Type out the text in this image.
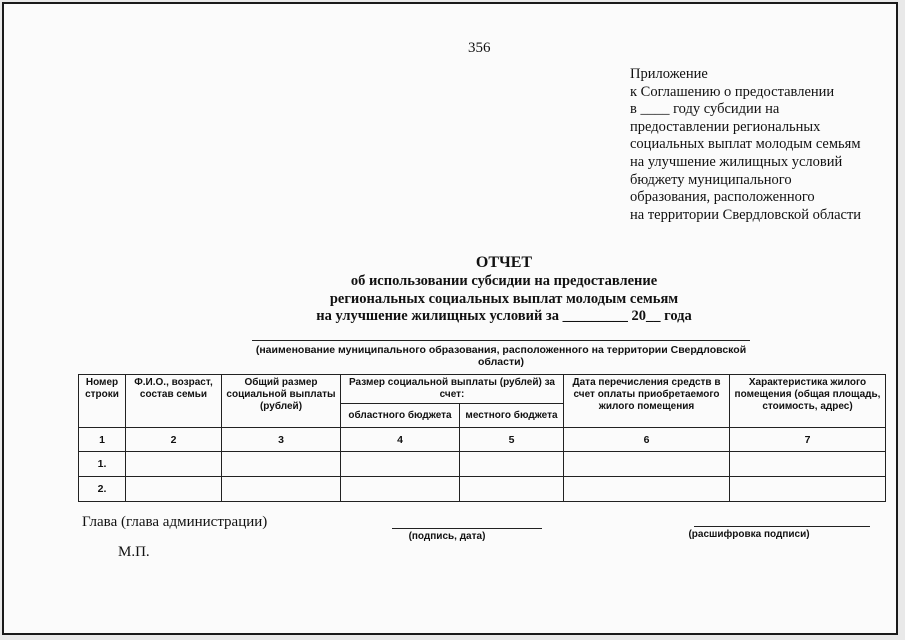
356
Приложение
к Соглашению о предоставлении
в ____ году субсидии на
предоставлении региональных
социальных выплат молодым семьям
на улучшение жилищных условий
бюджету муниципального
образования, расположенного
на территории Свердловской области
ОТЧЕТ
об использовании субсидии на предоставление
региональных социальных выплат молодым семьям
на улучшение жилищных условий за _________ 20__ года
(наименование муниципального образования, расположенного на территории Свердловской области)
Номер строки	Ф.И.О., возраст, состав семьи	Общий размер социальной выплаты (рублей)	Размер социальной выплаты (рублей) за счет:		Дата перечисления средств в счет оплаты приобретаемого жилого помещения	Характеристика жилого помещения (общая площадь, стоимость, адрес)
			областного бюджета	местного бюджета		
1	2	3	4	5	6	7
1.						
2.						
Глава (глава администрации)
(подпись, дата)	(расшифровка подписи)
М.П.
